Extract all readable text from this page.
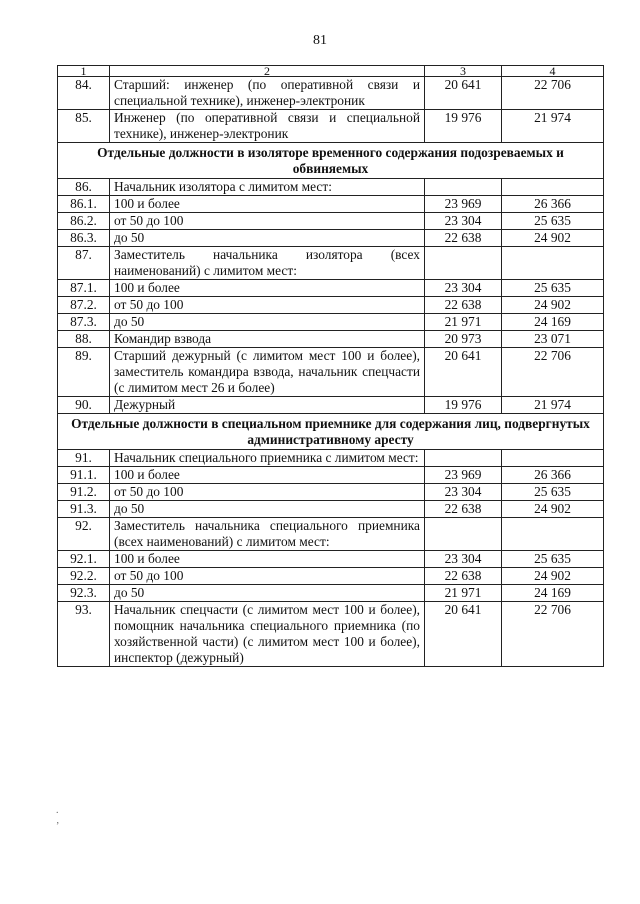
81
1	2	3	4
84.	Старший: инженер (по оперативной связи и специальной технике), инженер-электроник	20 641	22 706
85.	Инженер (по оперативной связи и специальной технике), инженер-электроник	19 976	21 974
Отдельные должности в изоляторе временного содержания подозреваемых и обвиняемых			
86.	Начальник изолятора с лимитом мест:		
86.1.	100 и более	23 969	26 366
86.2.	от 50 до 100	23 304	25 635
86.3.	до 50	22 638	24 902
87.	Заместитель начальника изолятора (всех наименований) с лимитом мест:		
87.1.	100 и более	23 304	25 635
87.2.	от 50 до 100	22 638	24 902
87.3.	до 50	21 971	24 169
88.	Командир взвода	20 973	23 071
89.	Старший дежурный (с лимитом мест 100 и более), заместитель командира взвода, начальник спецчасти (с лимитом мест 26 и более)	20 641	22 706
90.	Дежурный	19 976	21 974
Отдельные должности в специальном приемнике для содержания лиц, подвергнутых административному аресту			
91.	Начальник специального приемника с лимитом мест:		
91.1.	100 и более	23 969	26 366
91.2.	от 50 до 100	23 304	25 635
91.3.	до 50	22 638	24 902
92.	Заместитель начальника специального приемника (всех наименований) с лимитом мест:		
92.1.	100 и более	23 304	25 635
92.2.	от 50 до 100	22 638	24 902
92.3.	до 50	21 971	24 169
93.	Начальник спецчасти (с лимитом мест 100 и более), помощник начальника специального приемника (по хозяйственной части) (с лимитом мест 100 и более), инспектор (дежурный)	20 641	22 706
.
‚
